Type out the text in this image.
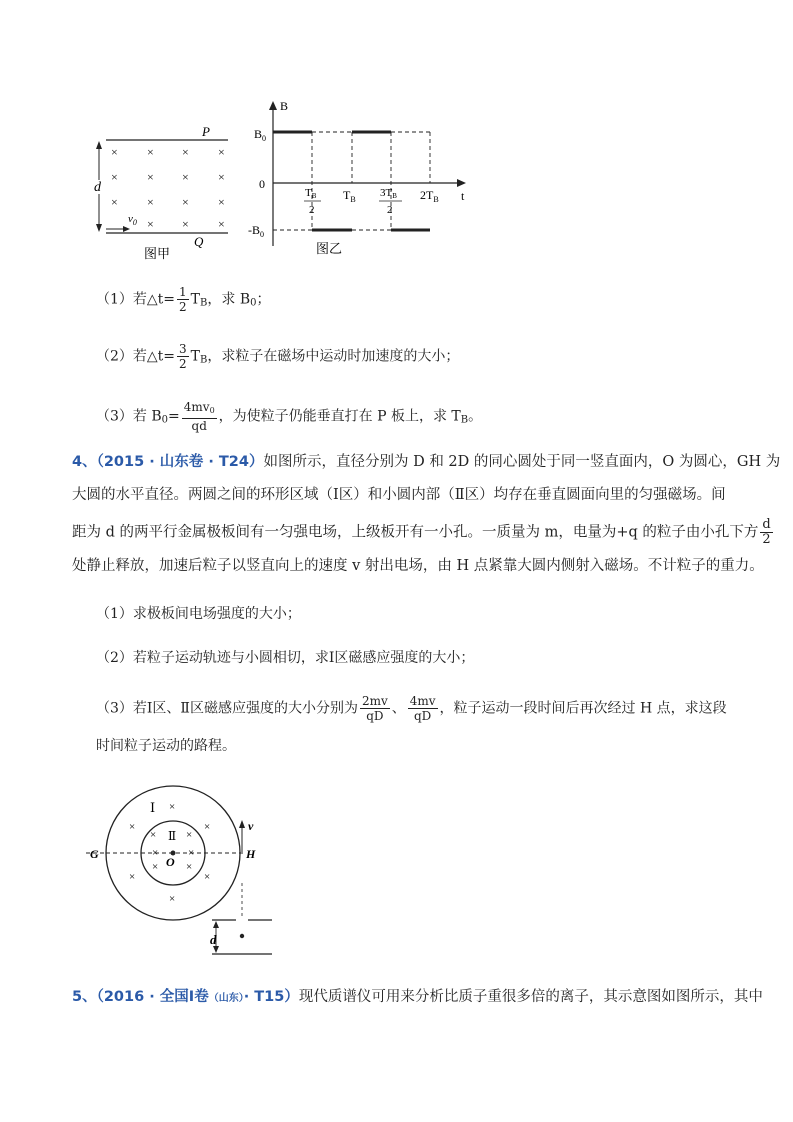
P
Q
d
× × × ×
× × × ×
× × × ×
× × ×
$v_0$
图甲
B
t
0
$B_0$
$-B_0$
TB
2
$T_B$
3TB
2
$2T_B$
图乙
（1）若△t= $\frac{1}{2} T_B$，求 $B_0$；
（2）若△t= $\frac{3}{2} T_B$，求粒子在磁场中运动时加速度的大小；
（3）若 $B_0= \frac{4mv0}{qd}$ ，为使粒子仍能垂直打在 P 板上，求 $T_B$。
4、（2015 · 山东卷 · T24）如图所示，直径分别为 D 和 2D 的同心圆处于同一竖直面内，O 为圆心，GH 为
大圆的水平直径。两圆之间的环形区域（Ⅰ区）和小圆内部（Ⅱ区）均存在垂直圆面向里的匀强磁场。间
距为 d 的两平行金属极板间有一匀强电场，上级板开有一小孔。一质量为 m，电量为+q 的粒子由小孔下方 $\frac{d}{2}$
处静止释放，加速后粒子以竖直向上的速度 v 射出电场，由 H 点紧靠大圆内侧射入磁场。不计粒子的重力。
（1）求极板间电场强度的大小；
（2）若粒子运动轨迹与小圆相切，求Ⅰ区磁感应强度的大小；
（3）若Ⅰ区、Ⅱ区磁感应强度的大小分别为 $\frac{2mv}{qD}$ 、 $\frac{4mv}{qD}$ ，粒子运动一段时间后再次经过 H 点，求这段
时间粒子运动的路程。
×
×	×
×	×
×
×	×
×	×
×	×
Ⅰ
Ⅱ
O
G	H
v
d
5、（2016 · 全国Ⅰ卷（山东）· T15）现代质谱仪可用来分析比质子重很多倍的离子，其示意图如图所示，其中
